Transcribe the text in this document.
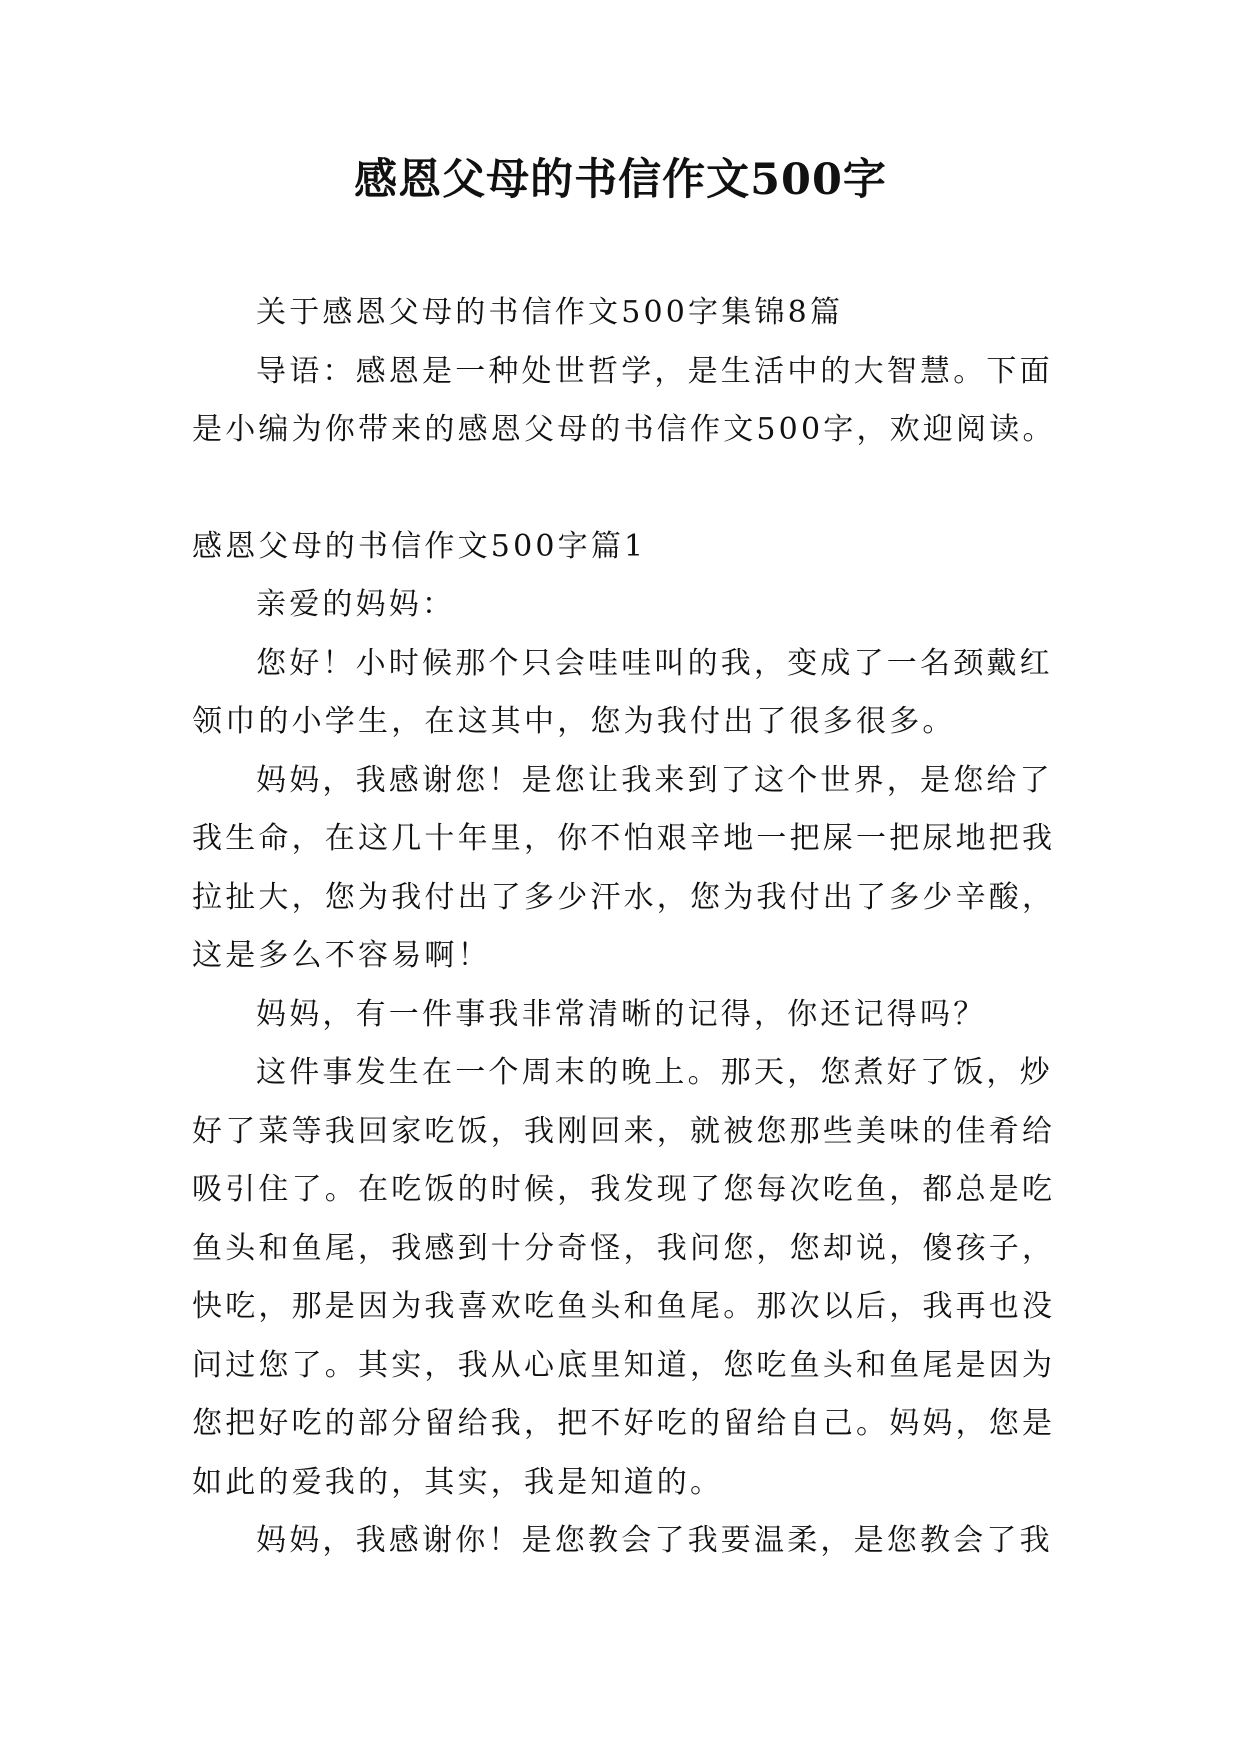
感恩父母的书信作文500字

关于感恩父母的书信作文500字集锦8篇

导语：感恩是一种处世哲学，是生活中的大智慧。下面是小编为你带来的感恩父母的书信作文500字，欢迎阅读。

感恩父母的书信作文500字篇1

亲爱的妈妈：

您好！小时候那个只会哇哇叫的我，变成了一名颈戴红领巾的小学生，在这其中，您为我付出了很多很多。

妈妈，我感谢您！是您让我来到了这个世界，是您给了我生命，在这几十年里，你不怕艰辛地一把屎一把尿地把我拉扯大，您为我付出了多少汗水，您为我付出了多少辛酸，这是多么不容易啊！

妈妈，有一件事我非常清晰的记得，你还记得吗？

这件事发生在一个周末的晚上。那天，您煮好了饭，炒好了菜等我回家吃饭，我刚回来，就被您那些美味的佳肴给吸引住了。在吃饭的时候，我发现了您每次吃鱼，都总是吃鱼头和鱼尾，我感到十分奇怪，我问您，您却说，傻孩子，快吃，那是因为我喜欢吃鱼头和鱼尾。那次以后，我再也没问过您了。其实，我从心底里知道，您吃鱼头和鱼尾是因为您把好吃的部分留给我，把不好吃的留给自己。妈妈，您是如此的爱我的，其实，我是知道的。

妈妈，我感谢你！是您教会了我要温柔，是您教会了我
